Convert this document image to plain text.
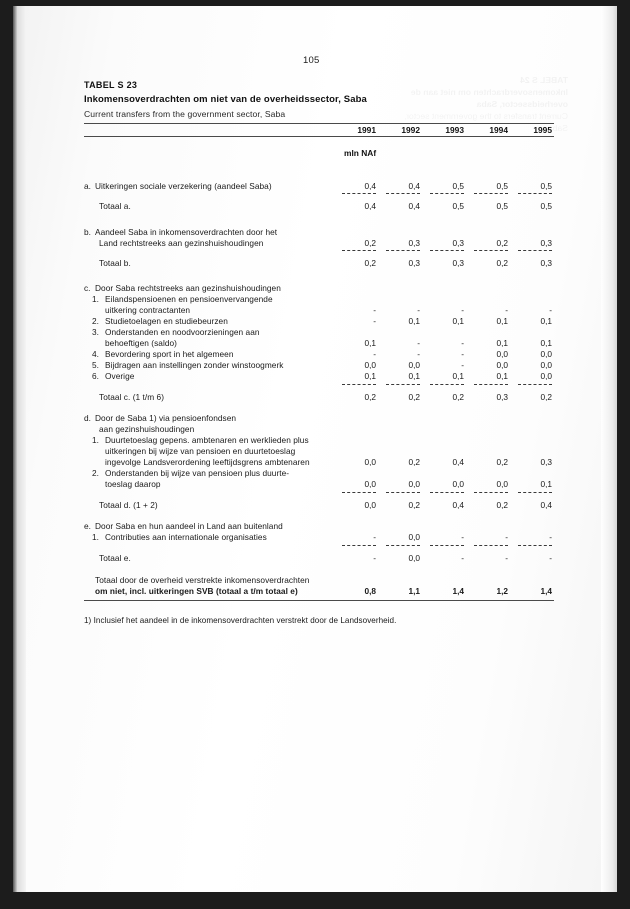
105
TABEL S 23
Inkomensoverdrachten om niet van de overheidssector, Saba
Current transfers from the government sector, Saba
1991	1992	1993	1994	1995
mln NAf
a. Uitkeringen sociale verzekering (aandeel Saba)	0,4	0,4	0,5	0,5	0,5
Totaal a.	0,4	0,4	0,5	0,5	0,5
b. Aandeel Saba in inkomensoverdrachten door het
Land rechtstreeks aan gezinshuishoudingen	0,2	0,3	0,3	0,2	0,3
Totaal b.	0,2	0,3	0,3	0,2	0,3
c. Door Saba rechtstreeks aan gezinshuishoudingen
1. Eilandspensioenen en pensioenvervangende
uitkering contractanten	-	-	-	-	-
2. Studietoelagen en studiebeurzen	-	0,1	0,1	0,1	0,1
3. Onderstanden en noodvoorzieningen aan
behoeftigen (saldo)	0,1	-	-	0,1	0,1
4. Bevordering sport in het algemeen	-	-	-	0,0	0,0
5. Bijdragen aan instellingen zonder winstoogmerk	0,0	0,0	-	0,0	0,0
6. Overige	0,1	0,1	0,1	0,1	0,0
Totaal c. (1 t/m 6)	0,2	0,2	0,2	0,3	0,2
d. Door de Saba 1) via pensioenfondsen
aan gezinshuishoudingen
1. Duurtetoeslag gepens. ambtenaren en werklieden plus
uitkeringen bij wijze van pensioen en duurtetoeslag
ingevolge Landsverordening leeftijdsgrens ambtenaren	0,0	0,2	0,4	0,2	0,3
2. Onderstanden bij wijze van pensioen plus duurte-
toeslag daarop	0,0	0,0	0,0	0,0	0,1
Totaal d. (1 + 2)	0,0	0,2	0,4	0,2	0,4
e. Door Saba en hun aandeel in Land aan buitenland
1. Contributies aan internationale organisaties	-	0,0	-	-	-
Totaal e.	-	0,0	-	-	-
Totaal door de overheid verstrekte inkomensoverdrachten
om niet, incl. uitkeringen SVB (totaal a t/m totaal e)	0,8	1,1	1,4	1,2	1,4
1) Inclusief het aandeel in de inkomensoverdrachten verstrekt door de Landsoverheid.
